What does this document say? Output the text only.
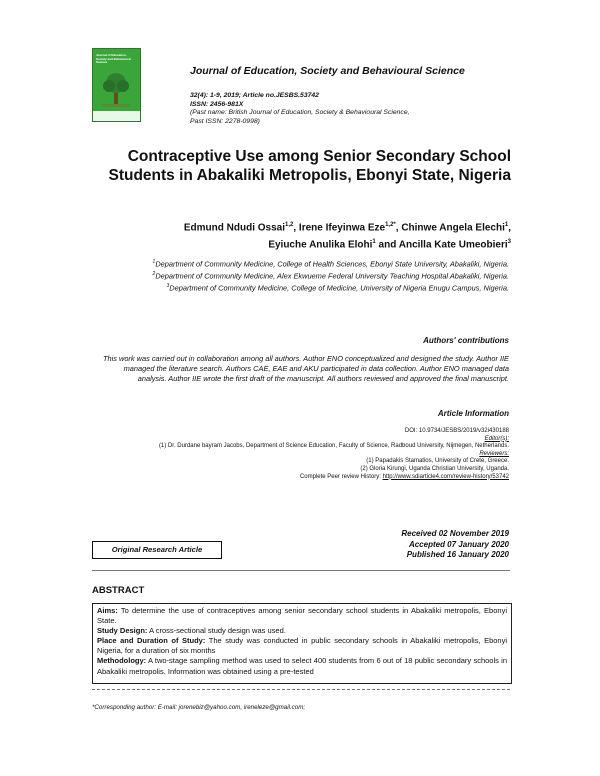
Journal of Education, Society and Behavioural Science
Journal of Education, Society and Behavioural Science
32(4): 1-9, 2019; Article no.JESBS.53742
ISSN: 2456-981X
(Past name: British Journal of Education, Society & Behavioural Science,
Past ISSN: 2278-0998)
Contraceptive Use among Senior Secondary School Students in Abakaliki Metropolis, Ebonyi State, Nigeria
Edmund Ndudi Ossai$^{1,2}$, Irene Ifeyinwa Eze$^{1,2*}$, Chinwe Angela Elechi$^1$,
Eyiuche Anulika Elohi$^1$ and Ancilla Kate Umeobieri$^3$

$^1$Department of Community Medicine, College of Health Sciences, Ebonyi State University, Abakaliki, Nigeria.

$^2$Department of Community Medicine, Alex Ekwueme Federal University Teaching Hospital Abakaliki, Nigeria.

$^3$Department of Community Medicine, College of Medicine, University of Nigeria Enugu Campus, Nigeria.

Authors' contributions
This work was carried out in collaboration among all authors. Author ENO conceptualized and designed the study. Author IIE managed the literature search. Authors CAE, EAE and AKU participated in data collection. Author ENO managed data analysis. Author IIE wrote the first draft of the manuscript. All authors reviewed and approved the final manuscript.
Article Information

DOI: 10.9734/JESBS/2019/v32i430188

Editor(s):

(1) Dr. Durdane bayram Jacobs, Department of Science Education, Faculty of Science, Radboud University, Nijmegen, Netherlands.

Reviewers:

(1) Papadakis Stamatios, University of Crete, Greece.

(2) Gloria Kirungi, Uganda Christian University, Uganda.

Complete Peer review History: http://www.sdiarticle4.com/review-history/53742

Original Research Article
Received 02 November 2019
Accepted 07 January 2020
Published 16 January 2020
ABSTRACT

Aims: To determine the use of contraceptives among senior secondary school students in Abakaliki metropolis, Ebonyi State.

Study Design: A cross-sectional study design was used.

Place and Duration of Study: The study was conducted in public secondary schools in Abakaliki metropolis, Ebonyi Nigeria, for a duration of six months

Methodology: A two-stage sampling method was used to select 400 students from 6 out of 18 public secondary schools in Abakaliki metropolis. Information was obtained using a pre-tested

*Corresponding author: E-mail: jorenebiz@yahoo.com, ireneleze@gmail.com;
